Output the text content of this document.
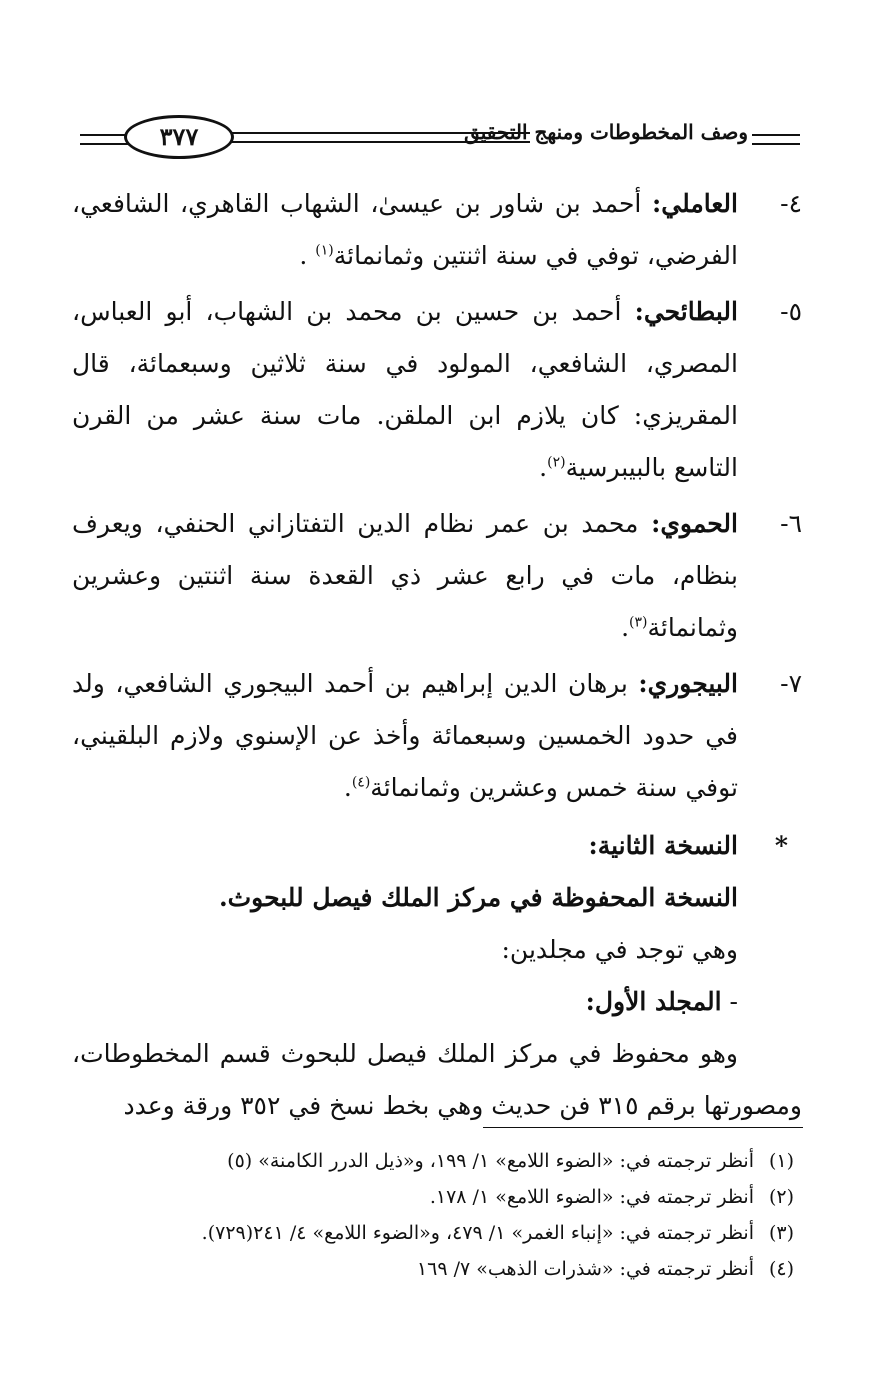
٣٧٧	وصف المخطوطات ومنهج التحقيق
٤-
العاملي: أحمد بن شاور بن عيسىٰ، الشهاب القاهري، الشافعي، الفرضي، توفي في سنة اثنتين وثمانمائة$^{(١)}$ .
٥-
البطائحي: أحمد بن حسين بن محمد بن الشهاب، أبو العباس، المصري، الشافعي، المولود في سنة ثلاثين وسبعمائة، قال المقريزي: كان يلازم ابن الملقن. مات سنة عشر من القرن التاسع بالبيبرسية$^{(٢)}$.
٦-
الحموي: محمد بن عمر نظام الدين التفتازاني الحنفي، ويعرف بنظام، مات في رابع عشر ذي القعدة سنة اثنتين وعشرين وثمانمائة$^{(٣)}$.
٧-
البيجوري: برهان الدين إبراهيم بن أحمد البيجوري الشافعي، ولد في حدود الخمسين وسبعمائة وأخذ عن الإسنوي ولازم البلقيني، توفي سنة خمس وعشرين وثمانمائة$^{(٤)}$.
*
النسخة الثانية:
النسخة المحفوظة في مركز الملك فيصل للبحوث.
وهي توجد في مجلدين:
- المجلد الأول:
وهو محفوظ في مركز الملك فيصل للبحوث قسم المخطوطات، ومصورتها برقم ٣١٥ فن حديث وهي بخط نسخ في ٣٥٢ ورقة وعدد
(١)
أنظر ترجمته في: «الضوء اللامع» ١/ ١٩٩، و«ذيل الدرر الكامنة» (٥)
(٢)
أنظر ترجمته في: «الضوء اللامع» ١/ ١٧٨.
(٣)
أنظر ترجمته في: «إنباء الغمر» ١/ ٤٧٩، و«الضوء اللامع» ٤/ ٢٤١(٧٢٩).
(٤)
أنظر ترجمته في: «شذرات الذهب» ٧/ ١٦٩
